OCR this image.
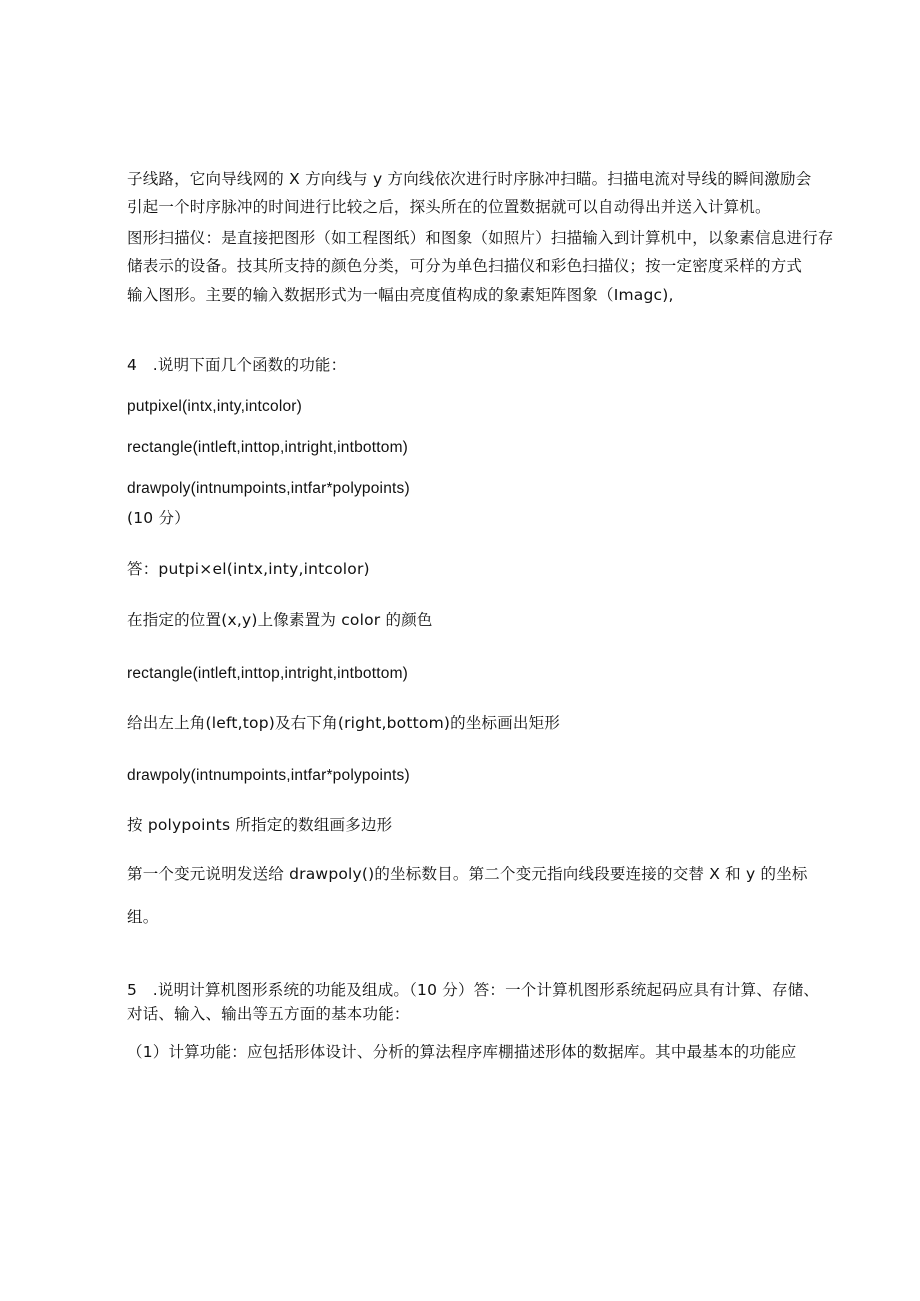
子线路，它向导线网的 X 方向线与 y 方向线依次进行时序脉冲扫瞄。扫描电流对导线的瞬间激励会
引起一个时序脉冲的时间进行比较之后，探头所在的位置数据就可以自动得出并送入计算机。
图形扫描仪：是直接把图形（如工程图纸）和图象（如照片）扫描输入到计算机中，以象素信息进行存
储表示的设备。技其所支持的颜色分类，可分为单色扫描仪和彩色扫描仪；按一定密度采样的方式
输入图形。主要的输入数据形式为一幅由亮度值构成的象素矩阵图象（Imagc),
4　.说明下面几个函数的功能：
putpixel(intx,inty,intcolor)
rectangle(intleft,inttop,intright,intbottom)
drawpoly(intnumpoints,intfar*polypoints)
(10 分）
答：putpi×el(intx,inty,intcolor)
在指定的位置(x,y)上像素置为 color 的颜色
rectangle(intleft,inttop,intright,intbottom)
给出左上角(left,top)及右下角(right,bottom)的坐标画出矩形
drawpoly(intnumpoints,intfar*polypoints)
按 polypoints 所指定的数组画多边形
第一个变元说明发送给 drawpoly()的坐标数目。第二个变元指向线段要连接的交替 X 和 y 的坐标
组。
5　.说明计算机图形系统的功能及组成。（10 分）答：一个计算机图形系统起码应具有计算、存储、
对话、输入、输出等五方面的基本功能：
（1）计算功能：应包括形体设计、分析的算法程序库棚描述形体的数据库。其中最基本的功能应
